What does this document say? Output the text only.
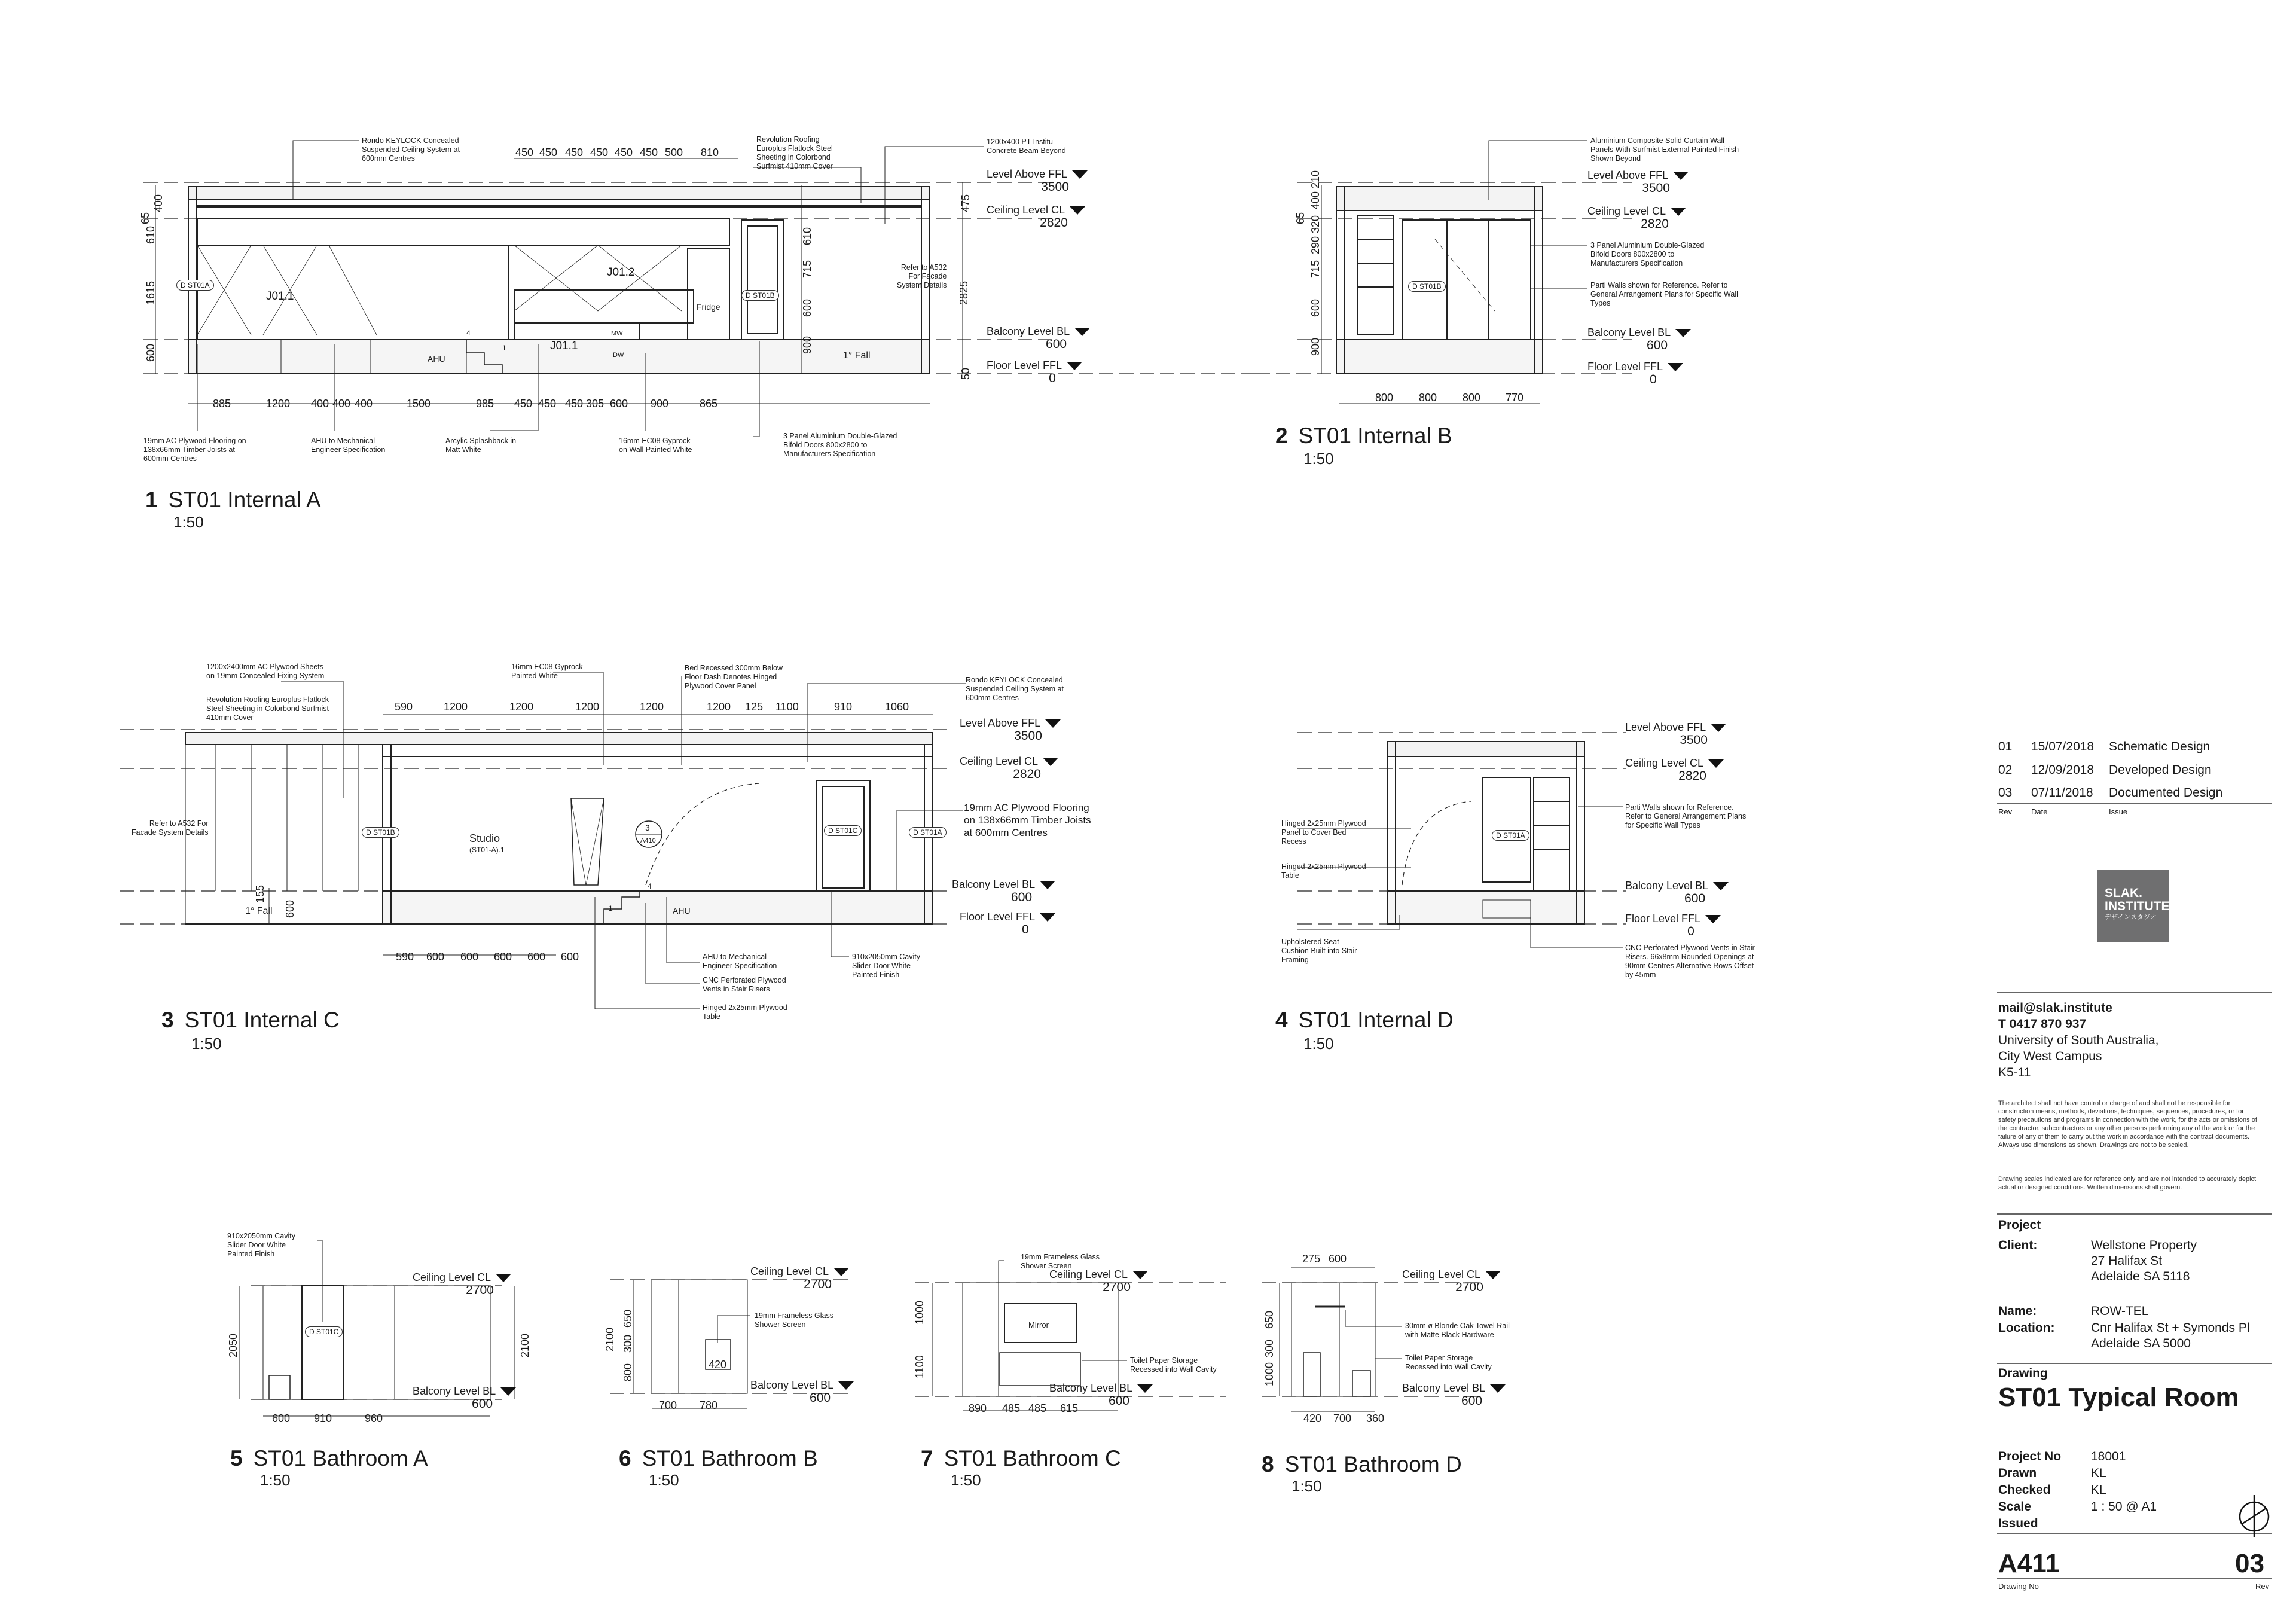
Rondo KEYLOCK Concealed
Suspended Ceiling System at
600mm Centres
Revolution Roofing
Europlus Flatlock Steel
Sheeting in Colorbond
Surfmist 410mm Cover
1200x400 PT Institu
Concrete Beam Beyond
Refer to A532
For Facade
System Details
19mm AC Plywood Flooring on
138x66mm Timber Joists at
600mm Centres
AHU to Mechanical
Engineer Specification
Arcylic Splashback in
Matt White
16mm EC08 Gyprock
on Wall Painted White
3 Panel Aluminium Double-Glazed
Bifold Doors 800x2800 to
Manufacturers Specification
J01.1
J01.2
J01.1
Fridge
AHU
MW
DW	1° Fall
4
1
D ST01A
D ST01B
450 450 450 450 450 450 500 810
885	1200 400 400 400	1500	985 450 450 450 305 600 900	865
65
400
610
1615
600
475
610
715
600
900
50
2825
Level Above FFL
3500
Ceiling Level CL
2820
Balcony Level BL
600
Floor Level FFL
0
1 ST01 Internal A
1:50
Aluminium Composite Solid Curtain Wall
Panels With Surfmist External Painted Finish
Shown Beyond
3 Panel Aluminium Double-Glazed
Bifold Doors 800x2800 to
Manufacturers Specification
Parti Walls shown for Reference. Refer to
General Arrangement Plans for Specific Wall
Types
D ST01B
800 800 800 770
65
210
400
320
290
715
600
900
Level Above FFL
3500
Ceiling Level CL
2820
Balcony Level BL
600
Floor Level FFL
0
2 ST01 Internal B
1:50
1200x2400mm AC Plywood Sheets
on 19mm Concealed Fixing System
Revolution Roofing Europlus Flatlock
Steel Sheeting in Colorbond Surfmist
410mm Cover
16mm EC08 Gyprock
Painted White
Bed Recessed 300mm Below
Floor Dash Denotes Hinged
Plywood Cover Panel
Rondo KEYLOCK Concealed
Suspended Ceiling System at
600mm Centres
Refer to A532 For
Facade System Details
19mm AC Plywood Flooring
on 138x66mm Timber Joists
at 600mm Centres
AHU to Mechanical
Engineer Specification
CNC Perforated Plywood
Vents in Stair Risers
Hinged 2x25mm Plywood
Table
910x2050mm Cavity
Slider Door White
Painted Finish
Studio
(ST01-A).1
3
A410
1° Fall	AHU
1
4
D ST01B	D ST01C	D ST01A
590	1200	1200	1200	1200	1200 125 1100	910	1060
590 600 600 600 600 600
155
600
Level Above FFL
3500
Ceiling Level CL
2820
Balcony Level BL
600
Floor Level FFL
0
3 ST01 Internal C
1:50
Hinged 2x25mm Plywood
Panel to Cover Bed
Recess
Hinged 2x25mm Plywood
Table
Upholstered Seat
Cushion Built into Stair
Framing
Parti Walls shown for Reference.
Refer to General Arrangement Plans
for Specific Wall Types
CNC Perforated Plywood Vents in Stair
Risers. 66x8mm Rounded Openings at
90mm Centres Alternative Rows Offset
by 45mm
D ST01A
Level Above FFL
3500
Ceiling Level CL
2820
Balcony Level BL
600
Floor Level FFL
0
4 ST01 Internal D
1:50
910x2050mm Cavity
Slider Door White
Painted Finish
D ST01C
600 910	960
2050	2100
Ceiling Level CL
2700
Balcony Level BL
600
5 ST01 Bathroom A
1:50
19mm Frameless Glass
Shower Screen
700 780
420
2100
650
300
800
Ceiling Level CL
2700
Balcony Level BL
600
6 ST01 Bathroom B
1:50
19mm Frameless Glass
Shower Screen
Toilet Paper Storage
Recessed into Wall Cavity
Mirror
890 485 485 615
1000
1100
Ceiling Level CL
2700
Balcony Level BL
600
7 ST01 Bathroom C
1:50
30mm ø Blonde Oak Towel Rail
with Matte Black Hardware
Toilet Paper Storage
Recessed into Wall Cavity
275 600
420 700 360
300
650
1000
Ceiling Level CL
2700
Balcony Level BL
600
8 ST01 Bathroom D
1:50
01 15/07/2018 Schematic Design
02 12/09/2018 Developed Design
03 07/11/2018 Documented Design
Rev Date	Issue
SLAK.
INSTITUTE
デザインスタジオ
mail@slak.institute
T 0417 870 937
University of South Australia,
City West Campus
K5-11
The architect shall not have control or charge of and shall not be responsible for construction means, methods, deviations, techniques, sequences, procedures, or for safety precautions and programs in connection with the work, for the acts or omissions of the contractor, subcontractors or any other persons performing any of the work or for the failure of any of them to carry out the work in accordance with the contract documents. Always use dimensions as shown. Drawings are not to be scaled.
Drawing scales indicated are for reference only and are not intended to accurately depict actual or designed conditions. Written dimensions shall govern.
Project
Client:	Wellstone Property
27 Halifax St
Adelaide SA 5118
Name:	ROW-TEL
Location:	Cnr Halifax St + Symonds Pl
Adelaide SA 5000
Drawing
ST01 Typical Room
Project No 18001
Drawn	KL
Checked	KL
Scale	1 : 50 @ A1
Issued
A411
Drawing No
03
Rev
